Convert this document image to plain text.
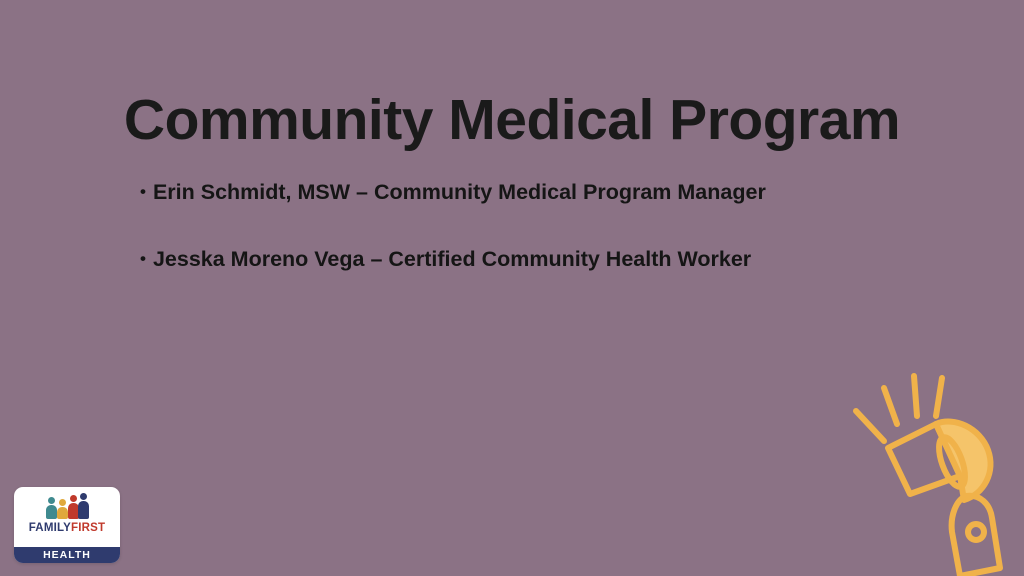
Community Medical Program
• Erin Schmidt, MSW – Community Medical Program Manager
• Jesska Moreno Vega – Certified Community Health Worker
FAMILYFIRST
HEALTH
